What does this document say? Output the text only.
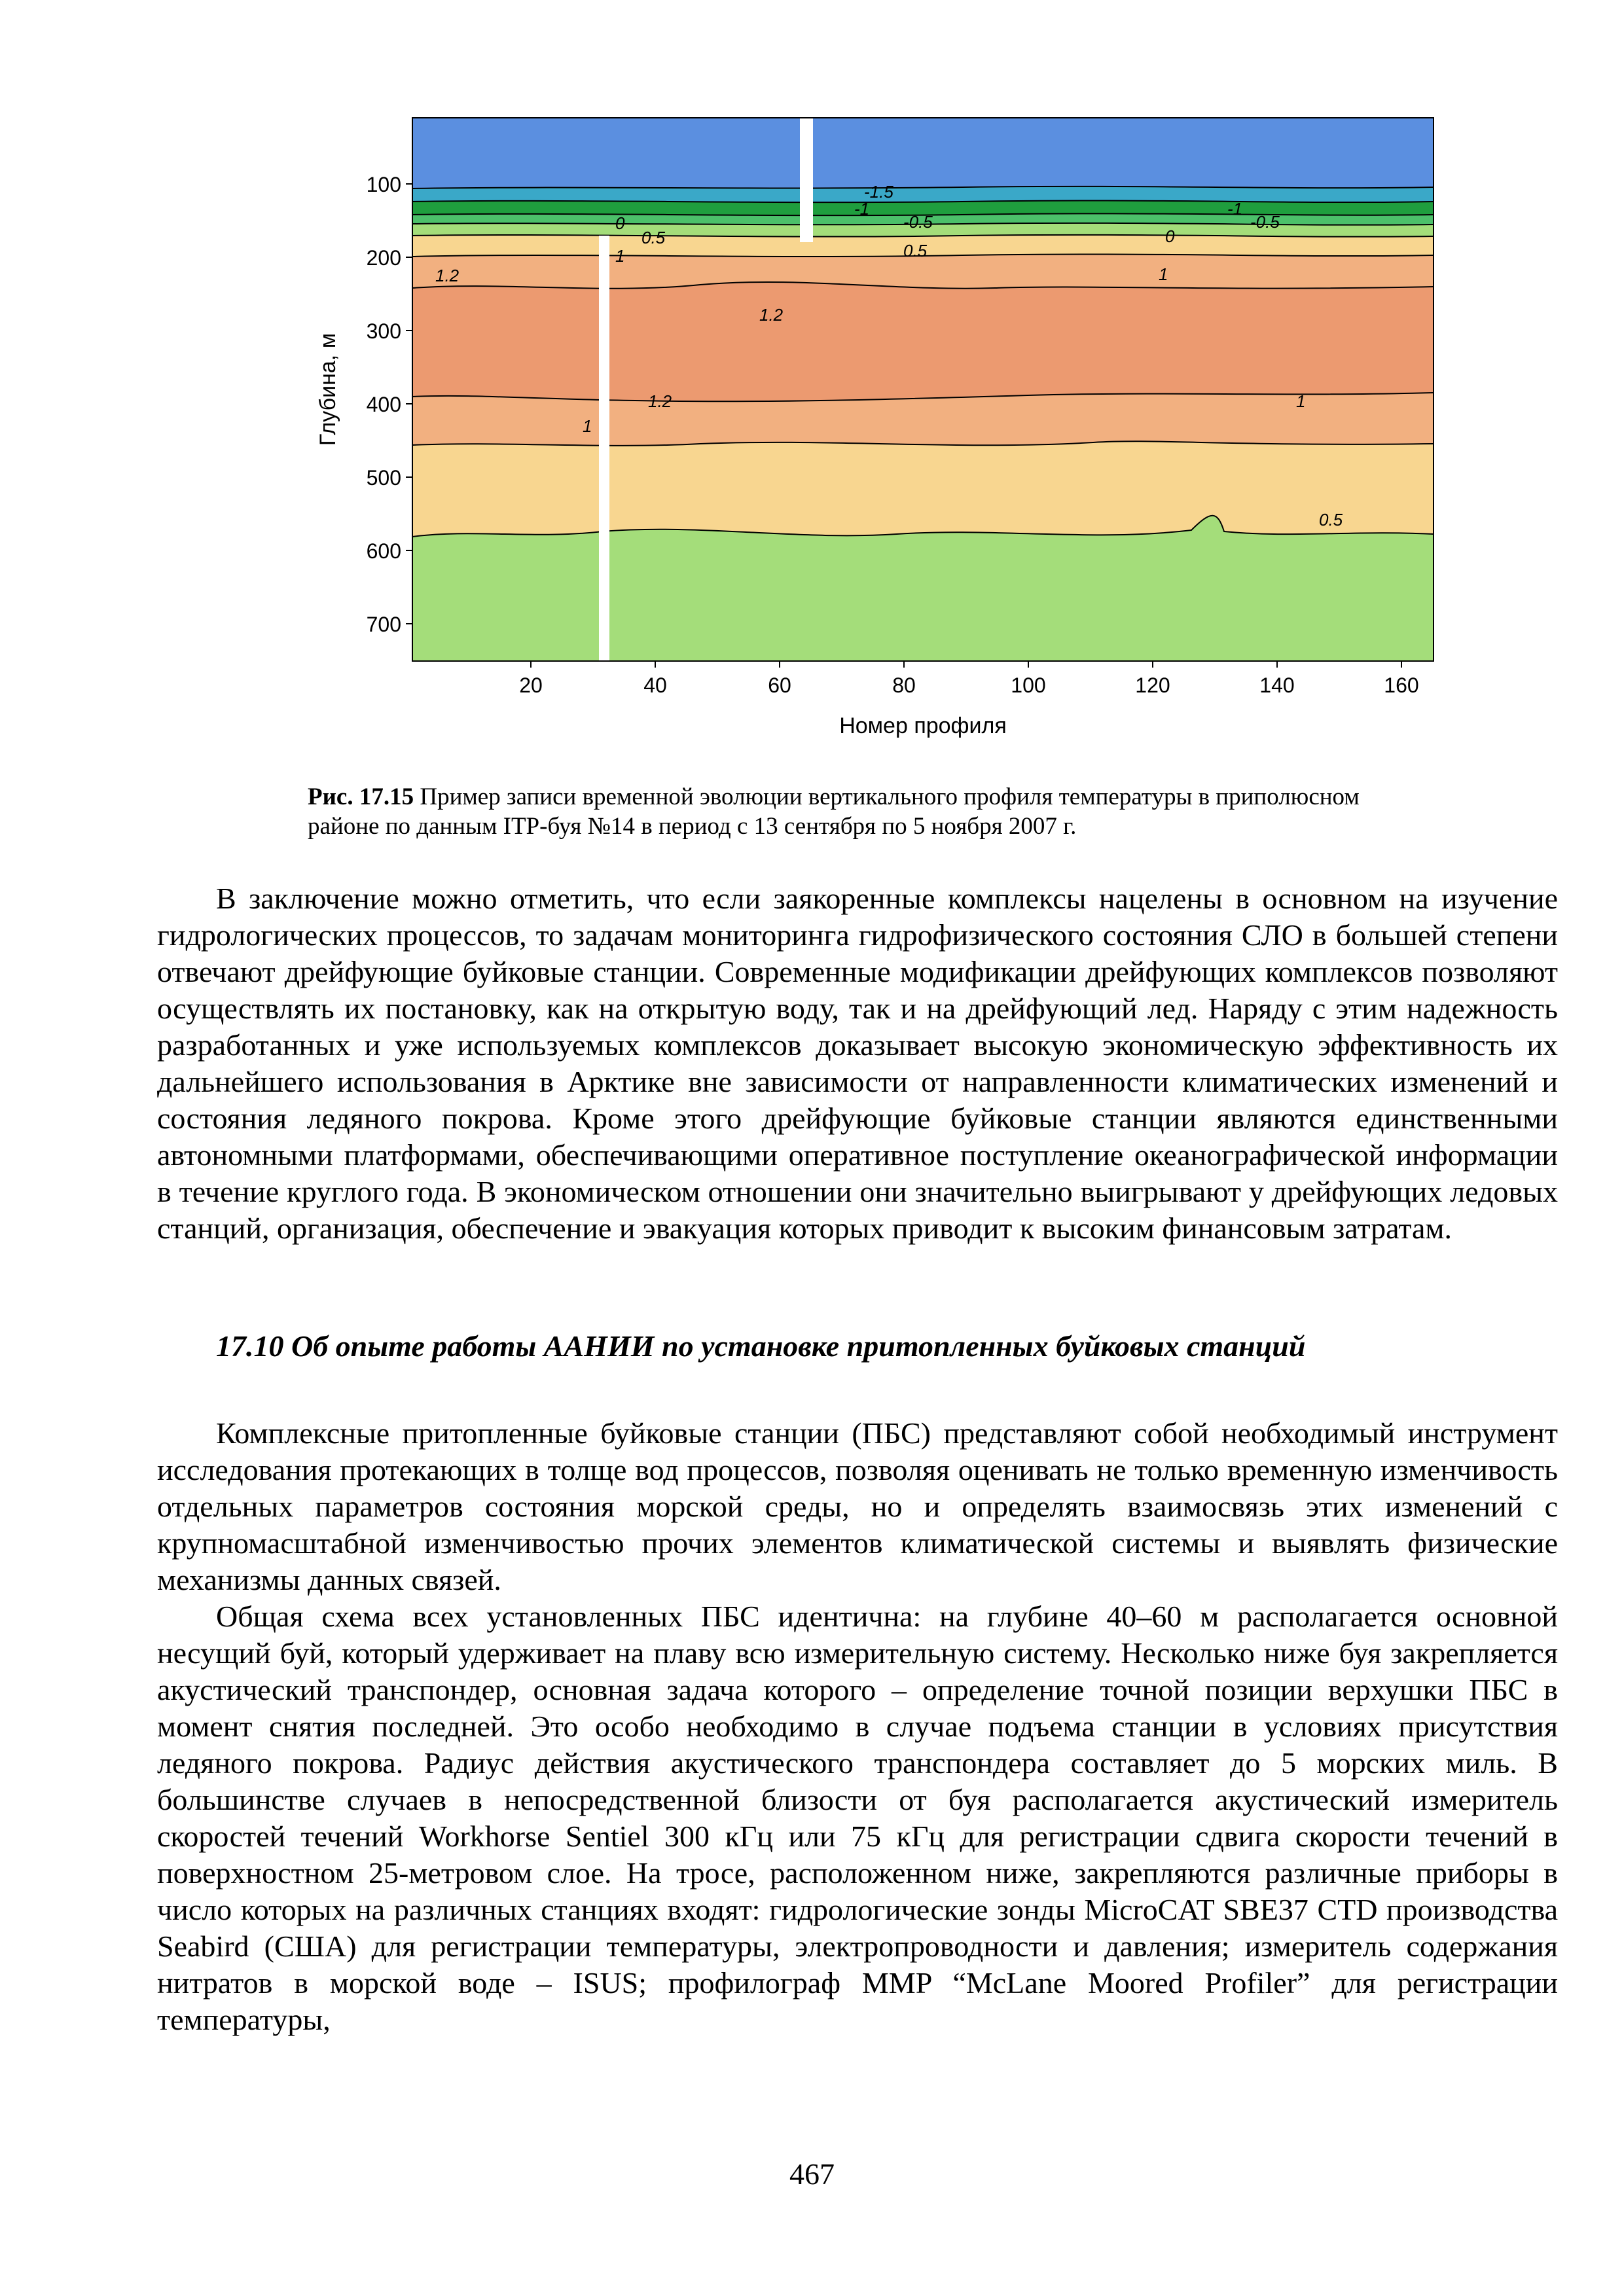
100
200
300
400
500
600
700
Глубина, м
20	40	60	80	100	120	140	160
Номер профиля
-1.5
-1
-0.5
0
0.5
1
1.2
-1
-0.5
0
0.5
1
1.2
1.2
1
1
0.5
Рис. 17.15 Пример записи временной эволюции вертикального профиля температуры в приполюсном районе по данным ITP-буя №14 в период с 13 сентября по 5 ноября 2007 г.

В заключение можно отметить, что если заякоренные комплексы нацелены в основном на изучение гидрологических процессов, то задачам мониторинга гидрофизического состояния СЛО в большей степени отвечают дрейфующие буйковые станции. Современные модификации дрейфующих комплексов позволяют осуществлять их постановку, как на открытую воду, так и на дрейфующий лед. Наряду с этим надежность разработанных и уже используемых комплексов доказывает высокую экономическую эффективность их дальнейшего использования в Арктике вне зависимости от направленности климатических изменений и состояния ледяного покрова. Кроме этого дрейфующие буйковые станции являются единственными автономными платформами, обеспечивающими оперативное поступление океанографической информации в течение круглого года. В экономическом отношении они значительно выигрывают у дрейфующих ледовых станций, организация, обеспечение и эвакуация которых приводит к высоким финансовым затратам.

17.10 Об опыте работы ААНИИ по установке притопленных буйковых станций

Комплексные притопленные буйковые станции (ПБС) представляют собой необходимый инструмент исследования протекающих в толще вод процессов, позволяя оценивать не только временную изменчивость отдельных параметров состояния морской среды, но и определять взаимосвязь этих изменений с крупномасштабной изменчивостью прочих элементов климатической системы и выявлять физические механизмы данных связей.

Общая схема всех установленных ПБС идентична: на глубине 40–60 м располагается основной несущий буй, который удерживает на плаву всю измерительную систему. Несколько ниже буя закрепляется акустический транспондер, основная задача которого – определение точной позиции верхушки ПБС в момент снятия последней. Это особо необходимо в случае подъема станции в условиях присутствия ледяного покрова. Радиус действия акустического транспондера составляет до 5 морских миль. В большинстве случаев в непосредственной близости от буя располагается акустический измеритель скоростей течений Workhorse Sentiel 300 кГц или 75 кГц для регистрации сдвига скорости течений в поверхностном 25-метровом слое. На тросе, расположенном ниже, закрепляются различные приборы в число которых на различных станциях входят: гидрологические зонды MicroCAT SBE37 CTD производства Seabird (США) для регистрации температуры, электропроводности и давления; измеритель содержания нитратов в морской воде – ISUS; профилограф MMP “McLane Moored Profiler” для регистрации температуры,

467
